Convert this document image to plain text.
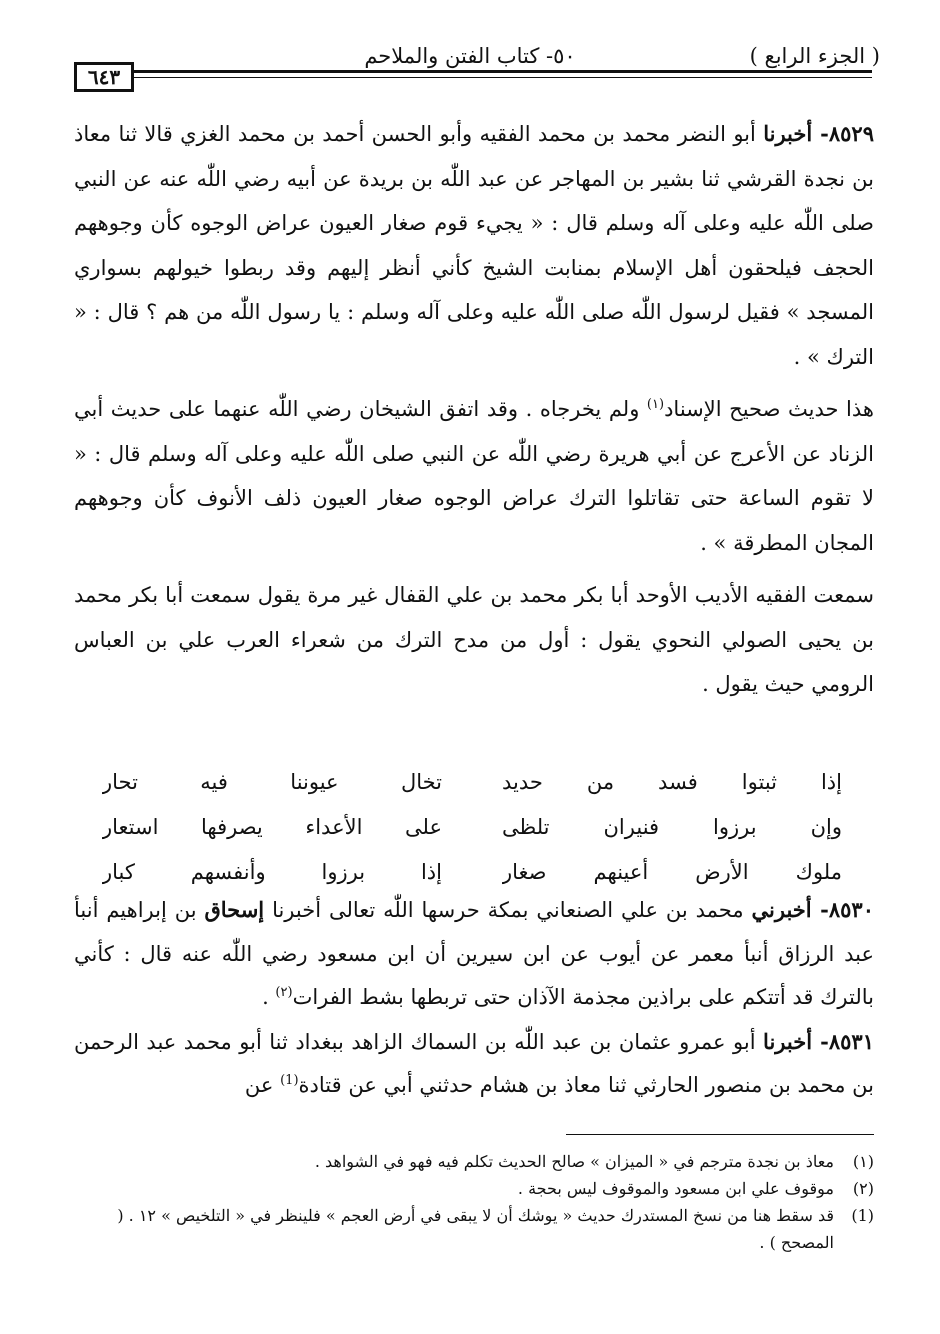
( الجزء الرابع )
٥٠- كتاب الفتن والملاحم
٦٤٣

٨٥٢٩- أخبرنا أبو النضر محمد بن محمد الفقيه وأبو الحسن أحمد بن محمد الغزي قالا ثنا معاذ بن نجدة القرشي ثنا بشير بن المهاجر عن عبد اللّٰه بن بريدة عن أبيه رضي اللّٰه عنه عن النبي صلى اللّٰه عليه وعلى آله وسلم قال : « يجيء قوم صغار العيون عراض الوجوه كأن وجوههم الحجف فيلحقون أهل الإسلام بمنابت الشيخ كأني أنظر إليهم وقد ربطوا خيولهم بسواري المسجد » فقيل لرسول اللّٰه صلى اللّٰه عليه وعلى آله وسلم : يا رسول اللّٰه من هم ؟ قال : « الترك » .

هذا حديث صحيح الإسناد$^{(١)}$ ولم يخرجاه . وقد اتفق الشيخان رضي اللّٰه عنهما على حديث أبي الزناد عن الأعرج عن أبي هريرة رضي اللّٰه عن النبي صلى اللّٰه عليه وعلى آله وسلم قال : « لا تقوم الساعة حتى تقاتلوا الترك عراض الوجوه صغار العيون ذلف الأنوف كأن وجوههم المجان المطرقة » .

سمعت الفقيه الأديب الأوحد أبا بكر محمد بن علي القفال غير مرة يقول سمعت أبا بكر محمد بن يحيى الصولي النحوي يقول : أول من مدح الترك من شعراء العرب علي بن العباس الرومي حيث يقول .

إذا ثبتوا فسد من حديد
تخال عيوننا فيه تحار
وإن برزوا فنيران تلظى
على الأعداء يصرفها استعار
ملوك الأرض أعينهم صغار
إذا برزوا وأنفسهم كبار

٨٥٣٠- أخبرني محمد بن علي الصنعاني بمكة حرسها اللّٰه تعالى أخبرنا إسحاق بن إبراهيم أنبأ عبد الرزاق أنبأ معمر عن أيوب عن ابن سيرين أن ابن مسعود رضي اللّٰه عنه قال : كأني بالترك قد أتتكم على براذين مجذمة الآذان حتى تربطها بشط الفرات$^{(٢)}$ .

٨٥٣١- أخبرنا أبو عمرو عثمان بن عبد اللّٰه بن السماك الزاهد ببغداد ثنا أبو محمد عبد الرحمن بن محمد بن منصور الحارثي ثنا معاذ بن هشام حدثني أبي عن قتادة$^{(1)}$ عن

(١)
معاذ بن نجدة مترجم في « الميزان » صالح الحديث تكلم فيه فهو في الشواهد .
(٢)
موقوف علي ابن مسعود والموقوف ليس بحجة .
(1)
قد سقط هنا من نسخ المستدرك حديث « يوشك أن لا يبقى في أرض العجم » فلينظر في « التلخيص » ١٢ . ( المصحح ) .
